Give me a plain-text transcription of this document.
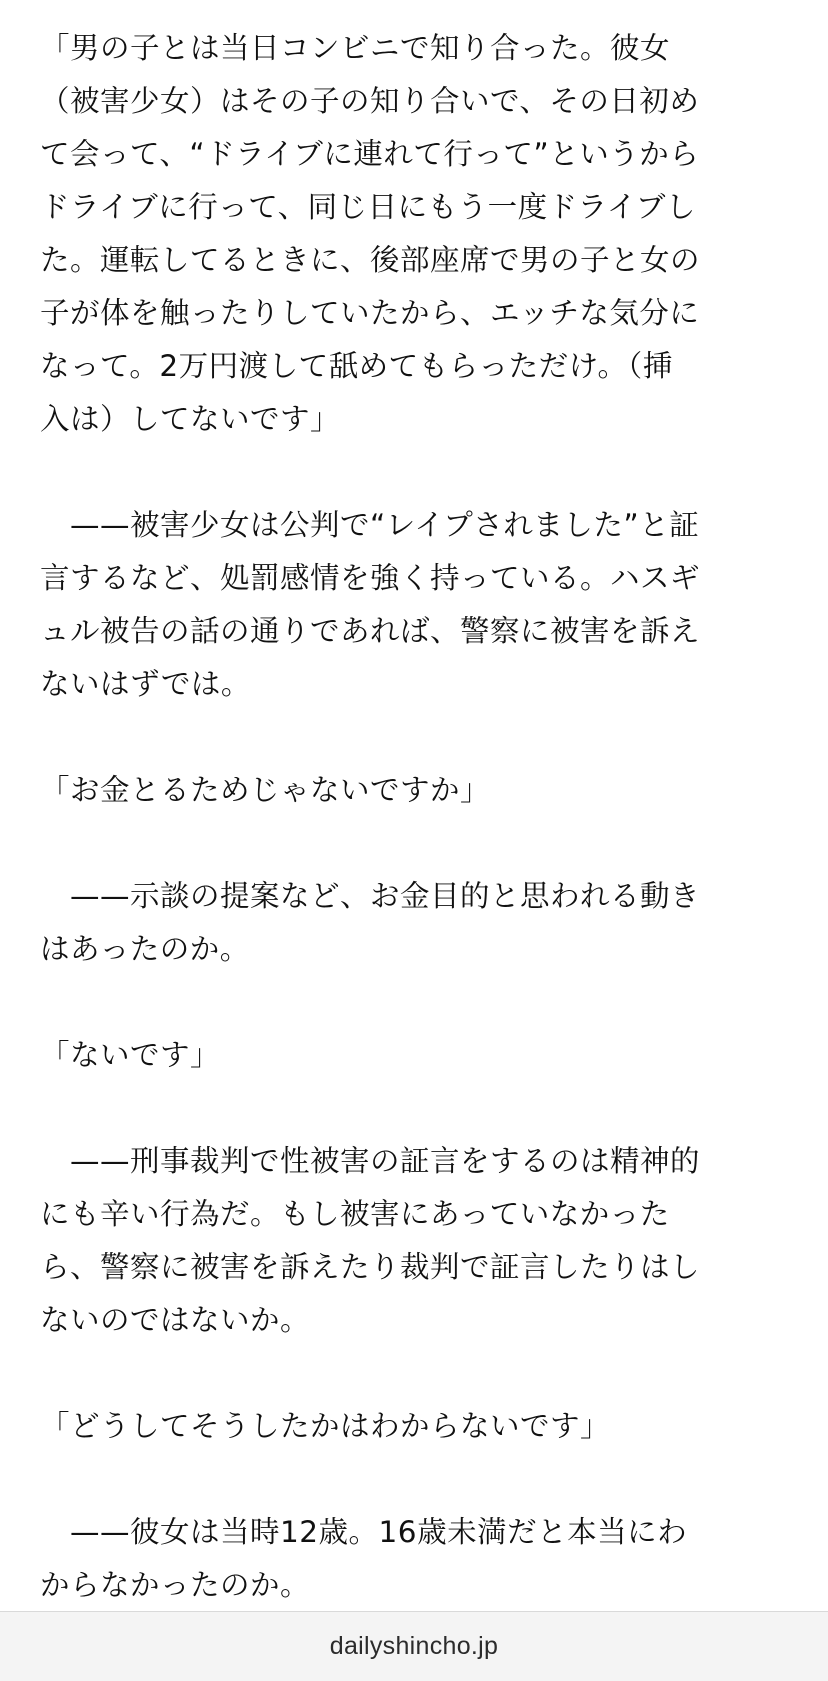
「男の子とは当日コンビニで知り合った。彼女
（被害少女）はその子の知り合いで、その日初め
て会って、“ドライブに連れて行って”というから
ドライブに行って、同じ日にもう一度ドライブし
た。運転してるときに、後部座席で男の子と女の
子が体を触ったりしていたから、エッチな気分に
なって。2万円渡して舐めてもらっただけ。（挿
入は）してないです」
　——被害少女は公判で“レイプされました”と証
言するなど、処罰感情を強く持っている。ハスギ
ュル被告の話の通りであれば、警察に被害を訴え
ないはずでは。
「お金とるためじゃないですか」
　——示談の提案など、お金目的と思われる動き
はあったのか。
「ないです」
　——刑事裁判で性被害の証言をするのは精神的
にも辛い行為だ。もし被害にあっていなかった
ら、警察に被害を訴えたり裁判で証言したりはし
ないのではないか。
「どうしてそうしたかはわからないです」
　——彼女は当時12歳。16歳未満だと本当にわ
からなかったのか。
dailyshincho.jp
